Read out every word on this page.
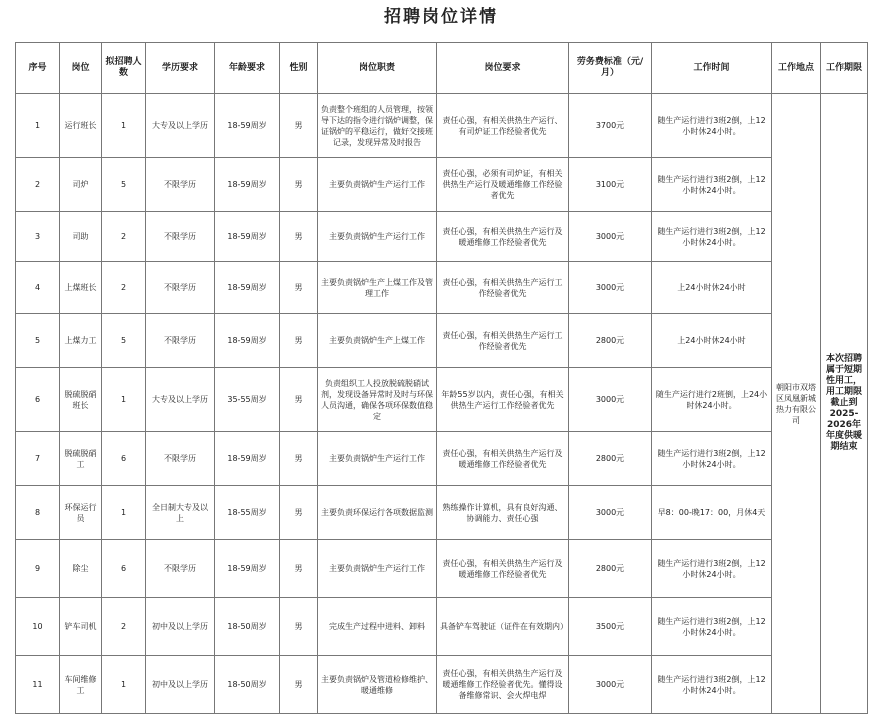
招聘岗位详情
序号	岗位	拟招聘人数	学历要求	年龄要求	性别	岗位职责	岗位要求	劳务费标准（元/月）	工作时间	工作地点	工作期限
1	运行班长	1	大专及以上学历	18-59周岁	男	负责整个班组的人员管理，按领导下达的指令进行锅炉调整，保证锅炉的平稳运行，做好交接班记录，发现异常及时报告	责任心强，有相关供热生产运行、有司炉证工作经验者优先	3700元	随生产运行进行3班2倒，上12小时休24小时。	朝阳市双塔区凤凰新城热力有限公司	本次招聘属于短期性用工，用工期限截止到2025-2026年年度供暖期结束
2	司炉	5	不限学历	18-59周岁	男	主要负责锅炉生产运行工作	责任心强，必须有司炉证，有相关供热生产运行及暖通维修工作经验者优先	3100元	随生产运行进行3班2倒，上12小时休24小时。		
3	司助	2	不限学历	18-59周岁	男	主要负责锅炉生产运行工作	责任心强，有相关供热生产运行及暖通维修工作经验者优先	3000元	随生产运行进行3班2倒，上12小时休24小时。		
4	上煤班长	2	不限学历	18-59周岁	男	主要负责锅炉生产上煤工作及管理工作	责任心强，有相关供热生产运行工作经验者优先	3000元	上24小时休24小时		
5	上煤力工	5	不限学历	18-59周岁	男	主要负责锅炉生产上煤工作	责任心强，有相关供热生产运行工作经验者优先	2800元	上24小时休24小时		
6	脱硫脱硝班长	1	大专及以上学历	35-55周岁	男	负责组织工人投放脱硫脱硝试剂，发现设备异常时及时与环保人员沟通，确保各项环保数值稳定	年龄55岁以内，责任心强，有相关供热生产运行工作经验者优先	3000元	随生产运行进行2班倒，上24小时休24小时。		
7	脱硫脱硝工	6	不限学历	18-59周岁	男	主要负责锅炉生产运行工作	责任心强，有相关供热生产运行及暖通维修工作经验者优先	2800元	随生产运行进行3班2倒，上12小时休24小时。		
8	环保运行员	1	全日制大专及以上	18-55周岁	男	主要负责环保运行各项数据监测	熟练操作计算机，具有良好沟通、协调能力、责任心强	3000元	早8：00-晚17：00，月休4天		
9	除尘	6	不限学历	18-59周岁	男	主要负责锅炉生产运行工作	责任心强，有相关供热生产运行及暖通维修工作经验者优先	2800元	随生产运行进行3班2倒，上12小时休24小时。		
10	铲车司机	2	初中及以上学历	18-50周岁	男	完成生产过程中进料、卸料	具备铲车驾驶证（证件在有效期内）	3500元	随生产运行进行3班2倒，上12小时休24小时。		
11	车间维修工	1	初中及以上学历	18-50周岁	男	主要负责锅炉及管道检修维护、暖通维修	责任心强，有相关供热生产运行及暖通维修工作经验者优先。懂得设备维修常识、会火焊电焊	3000元	随生产运行进行3班2倒，上12小时休24小时。		
